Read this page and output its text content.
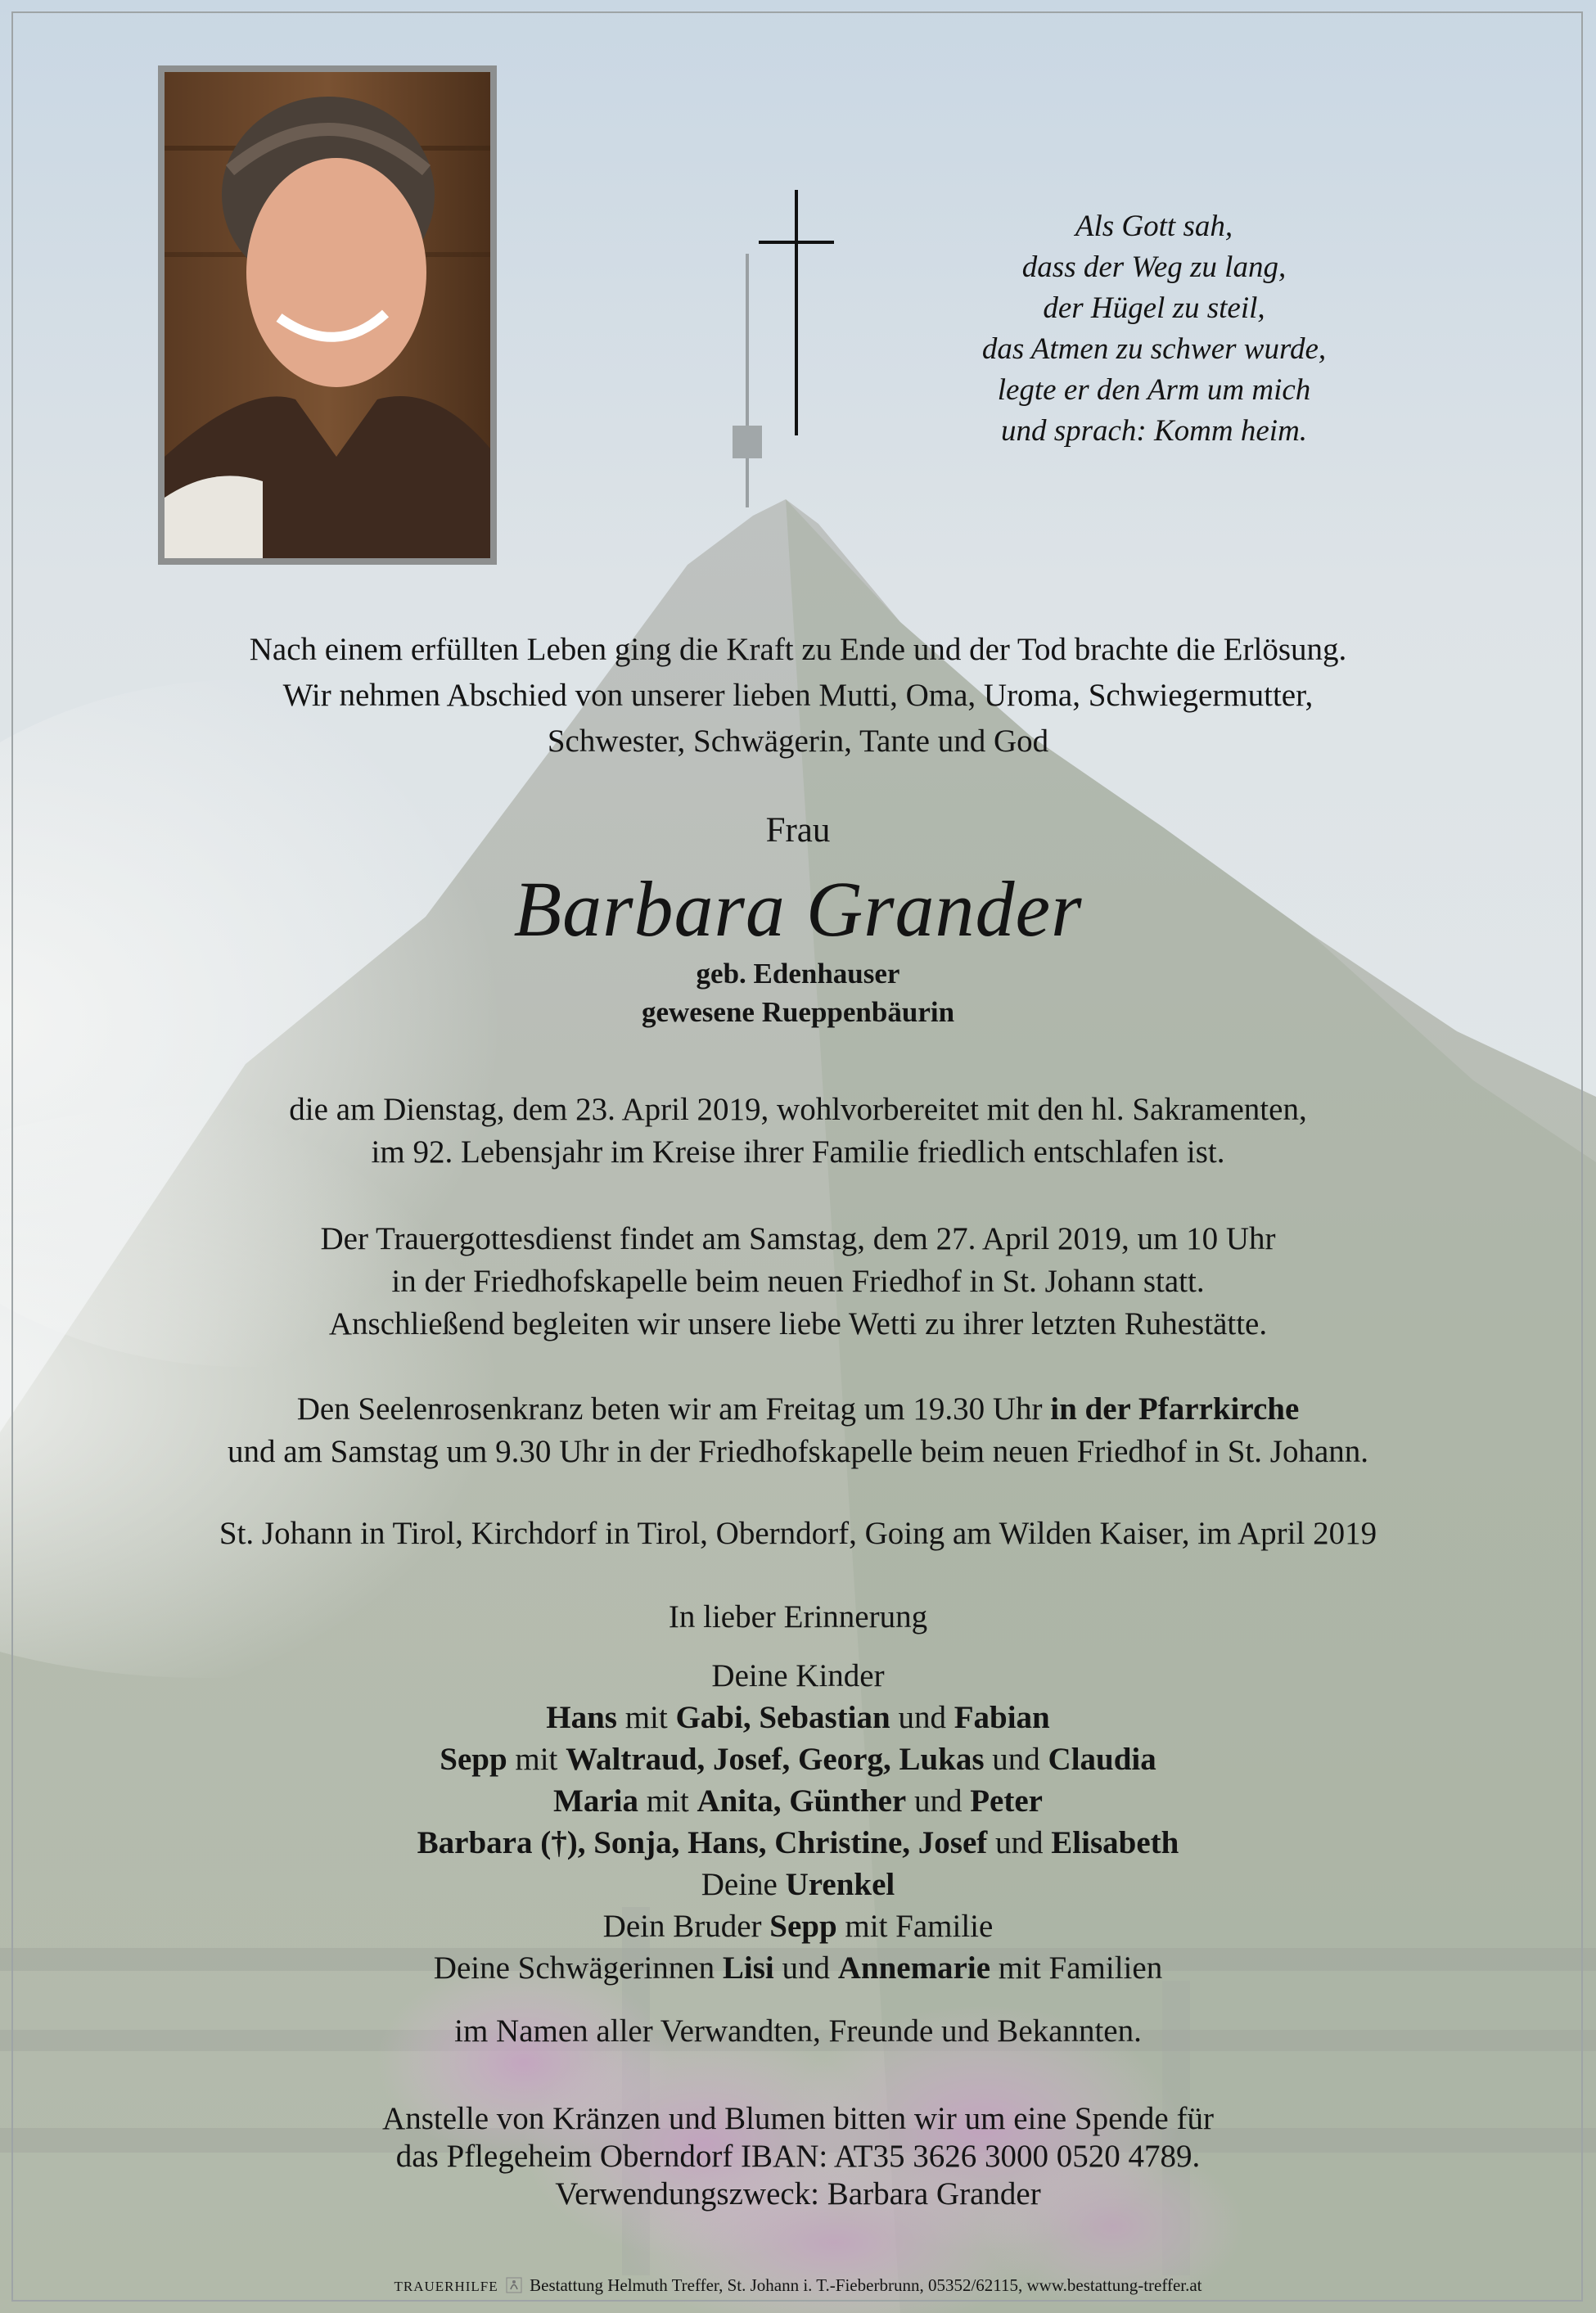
Als Gott sah,
dass der Weg zu lang,
der Hügel zu steil,
das Atmen zu schwer wurde,
legte er den Arm um mich
und sprach: Komm heim.
Nach einem erfüllten Leben ging die Kraft zu Ende und der Tod brachte die Erlösung.
Wir nehmen Abschied von unserer lieben Mutti, Oma, Uroma, Schwiegermutter,
Schwester, Schwägerin, Tante und God
Frau
Barbara Grander
geb. Edenhauser
gewesene Rueppenbäurin
die am Dienstag, dem 23. April 2019, wohlvorbereitet mit den hl. Sakramenten,
im 92. Lebensjahr im Kreise ihrer Familie friedlich entschlafen ist.
Der Trauergottesdienst findet am Samstag, dem 27. April 2019, um 10 Uhr
in der Friedhofskapelle beim neuen Friedhof in St. Johann statt.
Anschließend begleiten wir unsere liebe Wetti zu ihrer letzten Ruhestätte.
Den Seelenrosenkranz beten wir am Freitag um 19.30 Uhr in der Pfarrkirche
und am Samstag um 9.30 Uhr in der Friedhofskapelle beim neuen Friedhof in St. Johann.
St. Johann in Tirol, Kirchdorf in Tirol, Oberndorf, Going am Wilden Kaiser, im April 2019
In lieber Erinnerung
Deine Kinder
Hans mit Gabi, Sebastian und Fabian
Sepp mit Waltraud, Josef, Georg, Lukas und Claudia
Maria mit Anita, Günther und Peter
Barbara (†), Sonja, Hans, Christine, Josef und Elisabeth
Deine Urenkel
Dein Bruder Sepp mit Familie
Deine Schwägerinnen Lisi und Annemarie mit Familien
im Namen aller Verwandten, Freunde und Bekannten.
Anstelle von Kränzen und Blumen bitten wir um eine Spende für
das Pflegeheim Oberndorf IBAN: AT35 3626 3000 0520 4789.
Verwendungszweck: Barbara Grander
TRAUERHILFE Bestattung Helmuth Treffer, St. Johann i. T.-Fieberbrunn, 05352/62115, www.bestattung-treffer.at
